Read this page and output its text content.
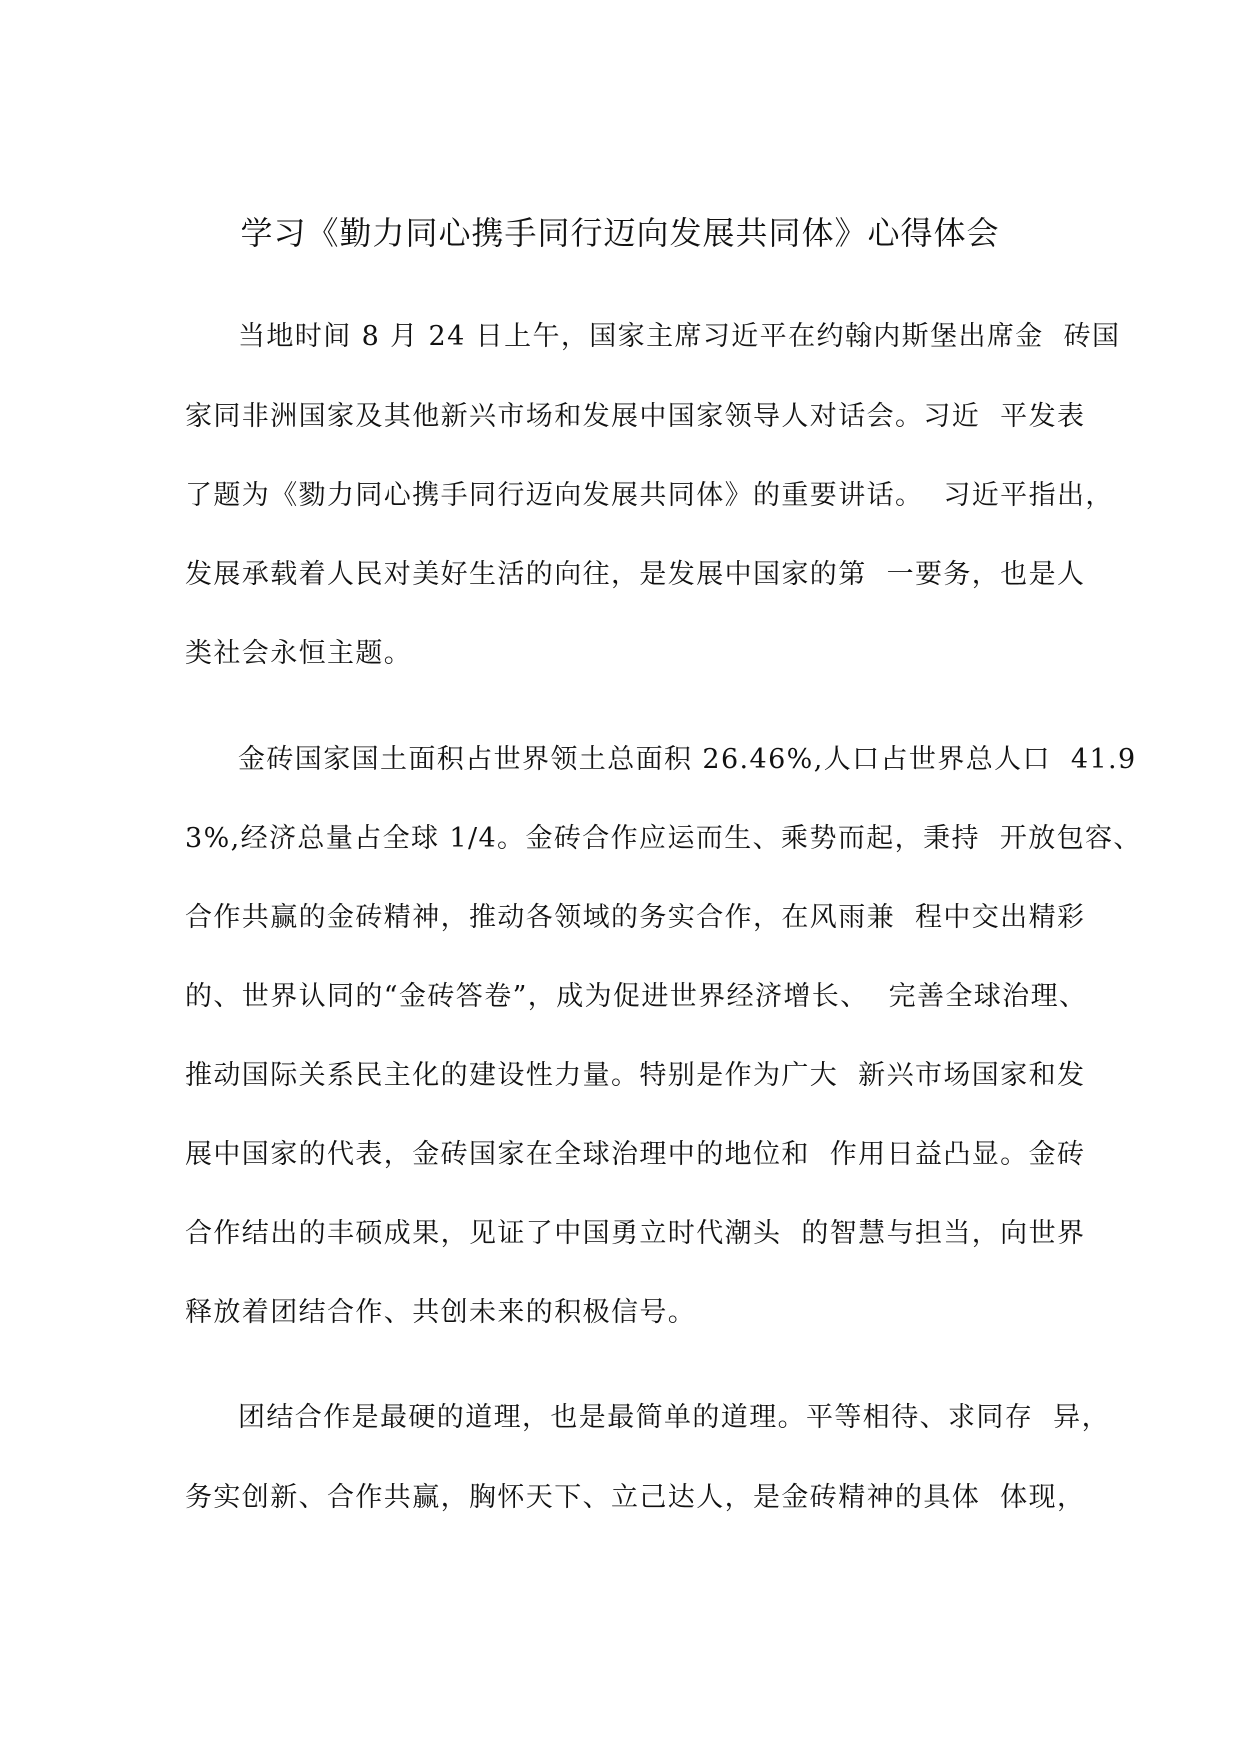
学习《勤力同心携手同行迈向发展共同体》心得体会
当地时间 8 月 24 日上午，国家主席习近平在约翰内斯堡出席金  砖国
家同非洲国家及其他新兴市场和发展中国家领导人对话会。习近  平发表
了题为《勠力同心携手同行迈向发展共同体》的重要讲话。  习近平指出，
发展承载着人民对美好生活的向往，是发展中国家的第  一要务，也是人
类社会永恒主题。
金砖国家国土面积占世界领土总面积 26.46%,人口占世界总人口  41.9
3%,经济总量占全球 1/4。金砖合作应运而生、乘势而起，秉持  开放包容、
合作共赢的金砖精神，推动各领域的务实合作，在风雨兼  程中交出精彩
的、世界认同的“金砖答卷”，成为促进世界经济增长、  完善全球治理、
推动国际关系民主化的建设性力量。特别是作为广大  新兴市场国家和发
展中国家的代表，金砖国家在全球治理中的地位和  作用日益凸显。金砖
合作结出的丰硕成果，见证了中国勇立时代潮头  的智慧与担当，向世界
释放着团结合作、共创未来的积极信号。
团结合作是最硬的道理，也是最简单的道理。平等相待、求同存  异，
务实创新、合作共赢，胸怀天下、立己达人，是金砖精神的具体  体现，
